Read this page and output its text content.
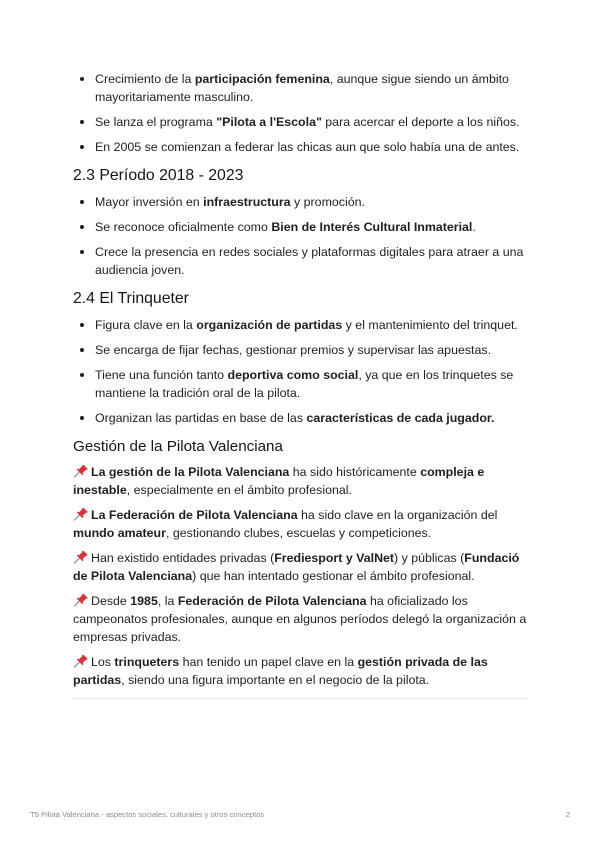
Crecimiento de la participación femenina, aunque sigue siendo un ámbito mayoritariamente masculino.
Se lanza el programa "Pilota a l'Escola" para acercar el deporte a los niños.
En 2005 se comienzan a federar las chicas aun que solo había una de antes.
2.3 Período 2018 - 2023
Mayor inversión en infraestructura y promoción.
Se reconoce oficialmente como Bien de Interés Cultural Inmaterial.
Crece la presencia en redes sociales y plataformas digitales para atraer a una audiencia joven.
2.4 El Trinqueter
Figura clave en la organización de partidas y el mantenimiento del trinquet.
Se encarga de fijar fechas, gestionar premios y supervisar las apuestas.
Tiene una función tanto deportiva como social, ya que en los trinquetes se mantiene la tradición oral de la pilota.
Organizan las partidas en base de las características de cada jugador.
Gestión de la Pilota Valenciana

La gestión de la Pilota Valenciana ha sido históricamente compleja e inestable, especialmente en el ámbito profesional.

La Federación de Pilota Valenciana ha sido clave en la organización del mundo amateur, gestionando clubes, escuelas y competiciones.

Han existido entidades privadas (Frediesport y ValNet) y públicas (Fundació de Pilota Valenciana) que han intentado gestionar el ámbito profesional.

Desde 1985, la Federación de Pilota Valenciana ha oficializado los campeonatos profesionales, aunque en algunos períodos delegó la organización a empresas privadas.

Los trinqueters han tenido un papel clave en la gestión privada de las partidas, siendo una figura importante en el negocio de la pilota.

T5 Pilota Valenciana - aspectos sociales, culturales y otros conceptos	2
